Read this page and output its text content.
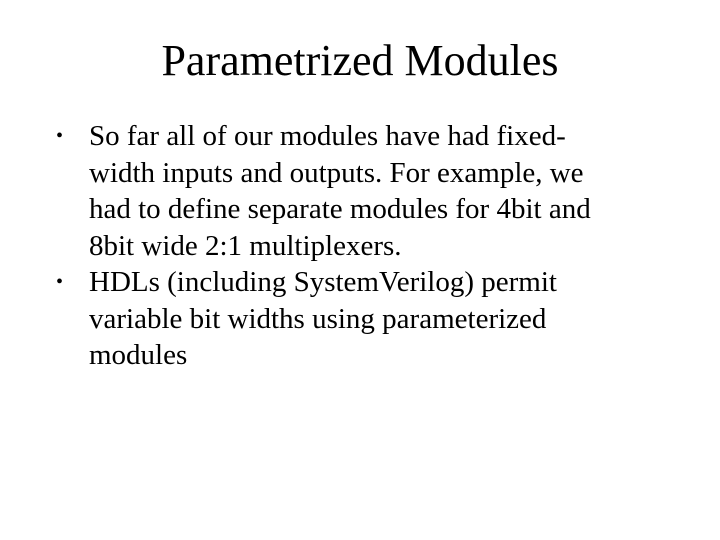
Parametrized Modules
• So far all of our modules have had fixed-
width inputs and outputs. For example, we
had to define separate modules for 4bit and
8bit wide 2:1 multiplexers.
• HDLs (including SystemVerilog) permit
variable bit widths using parameterized
modules
